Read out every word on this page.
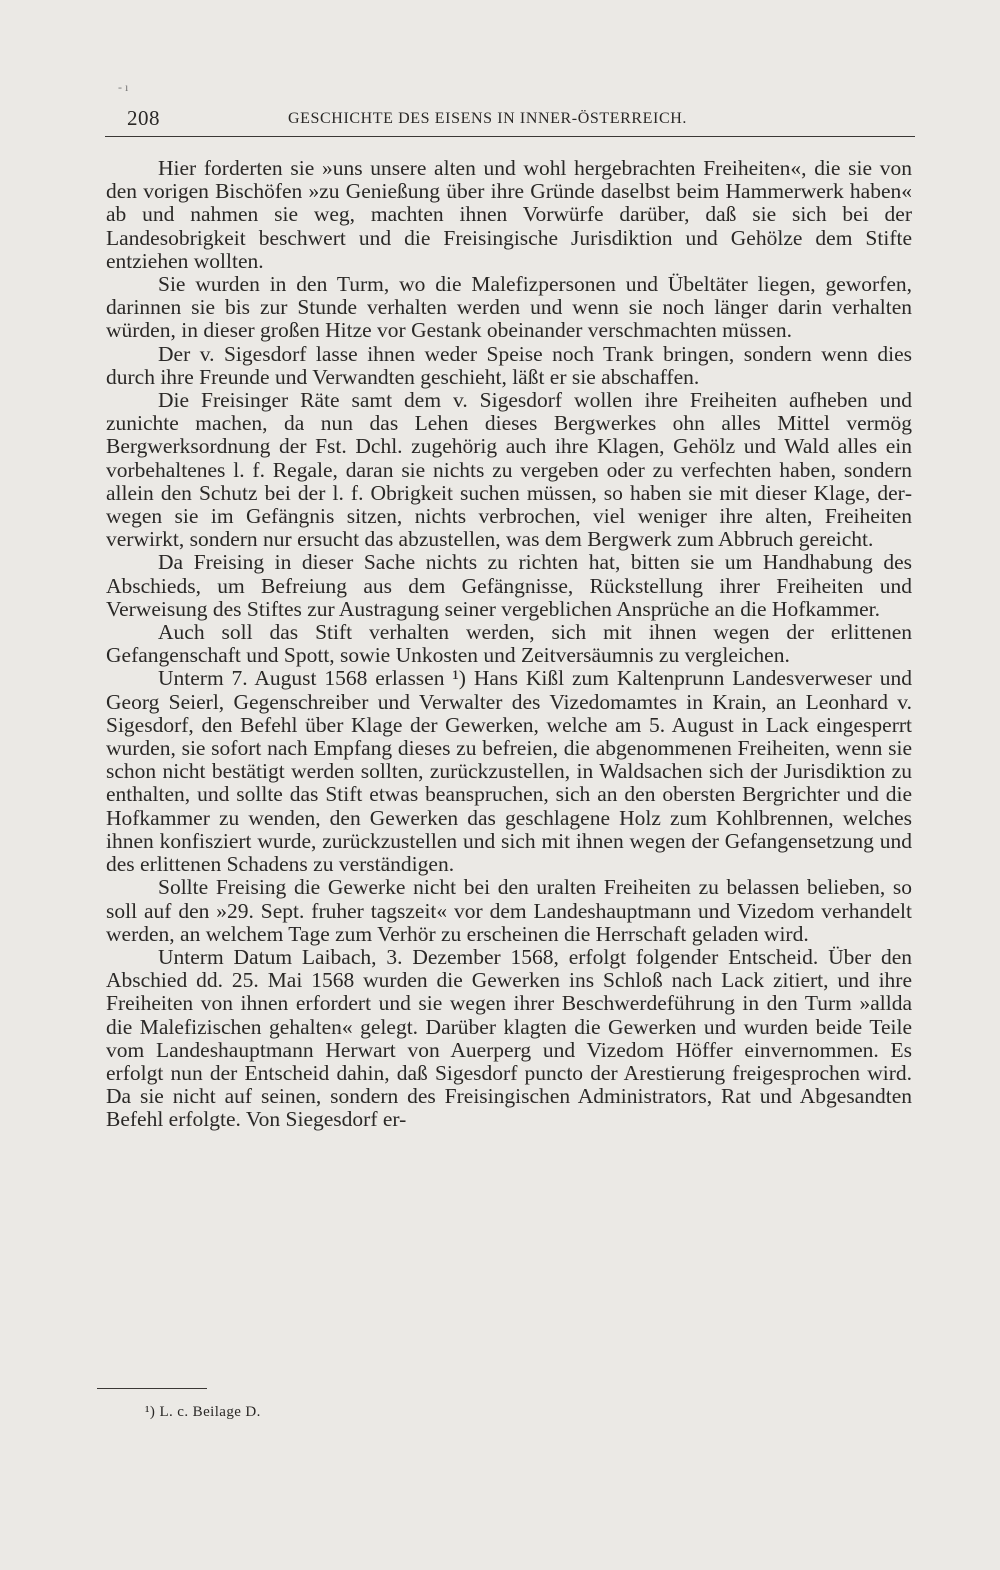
- ı
208	GESCHICHTE DES EISENS IN INNER-ÖSTERREICH.

Hier forderten sie »uns unsere alten und wohl hergebrachten Freiheiten«, die sie von den vorigen Bischöfen »zu Genießung über ihre Gründe daselbst beim Hammerwerk haben« ab und nahmen sie weg, machten ihnen Vorwürfe darüber, daß sie sich bei der Landesobrigkeit beschwert und die Freisingische Jurisdiktion und Gehölze dem Stifte entziehen wollten.

Sie wurden in den Turm, wo die Malefizpersonen und Übeltäter liegen, geworfen, darinnen sie bis zur Stunde verhalten werden und wenn sie noch länger darin verhalten würden, in dieser großen Hitze vor Gestank obeinander verschmachten müssen.

Der v. Sigesdorf lasse ihnen weder Speise noch Trank bringen, sondern wenn dies durch ihre Freunde und Verwandten geschieht, läßt er sie abschaffen.

Die Freisinger Räte samt dem v. Sigesdorf wollen ihre Freiheiten aufheben und zunichte machen, da nun das Lehen dieses Bergwerkes ohn alles Mittel vermög Bergwerksordnung der Fst. Dchl. zugehörig auch ihre Klagen, Gehölz und Wald alles ein vorbehaltenes l. f. Regale, daran sie nichts zu vergeben oder zu verfechten haben, sondern allein den Schutz bei der l. f. Obrigkeit suchen müssen, so haben sie mit dieser Klage, derwegen sie im Gefängnis sitzen, nichts verbrochen, viel weniger ihre alten, Freiheiten verwirkt, sondern nur ersucht das abzustellen, was dem Bergwerk zum Abbruch gereicht.

Da Freising in dieser Sache nichts zu richten hat, bitten sie um Handhabung des Abschieds, um Befreiung aus dem Gefängnisse, Rückstellung ihrer Freiheiten und Verweisung des Stiftes zur Austragung seiner vergeblichen Ansprüche an die Hofkammer.

Auch soll das Stift verhalten werden, sich mit ihnen wegen der erlittenen Gefangenschaft und Spott, sowie Unkosten und Zeitversäumnis zu vergleichen.

Unterm 7. August 1568 erlassen ¹) Hans Kißl zum Kaltenprunn Landesverweser und Georg Seierl, Gegenschreiber und Verwalter des Vizedomamtes in Krain, an Leonhard v. Sigesdorf, den Befehl über Klage der Gewerken, welche am 5. August in Lack eingesperrt wurden, sie sofort nach Empfang dieses zu befreien, die abgenommenen Freiheiten, wenn sie schon nicht bestätigt werden sollten, zurückzustellen, in Waldsachen sich der Jurisdiktion zu enthalten, und sollte das Stift etwas beanspruchen, sich an den obersten Bergrichter und die Hofkammer zu wenden, den Gewerken das geschlagene Holz zum Kohlbrennen, welches ihnen konfisziert wurde, zurückzustellen und sich mit ihnen wegen der Gefangensetzung und des erlittenen Schadens zu verständigen.

Sollte Freising die Gewerke nicht bei den uralten Freiheiten zu belassen belieben, so soll auf den »29. Sept. fruher tagszeit« vor dem Landeshauptmann und Vizedom verhandelt werden, an welchem Tage zum Verhör zu erscheinen die Herrschaft geladen wird.

Unterm Datum Laibach, 3. Dezember 1568, erfolgt folgender Entscheid. Über den Abschied dd. 25. Mai 1568 wurden die Gewerken ins Schloß nach Lack zitiert, und ihre Freiheiten von ihnen erfordert und sie wegen ihrer Beschwerdeführung in den Turm »allda die Malefizischen gehalten« gelegt. Darüber klagten die Gewerken und wurden beide Teile vom Landeshauptmann Herwart von Auerperg und Vizedom Höffer einvernommen. Es erfolgt nun der Entscheid dahin, daß Sigesdorf puncto der Arestierung freigesprochen wird. Da sie nicht auf seinen, sondern des Freisingischen Administrators, Rat und Abgesandten Befehl erfolgte. Von Siegesdorf er-

¹) L. c. Beilage D.
